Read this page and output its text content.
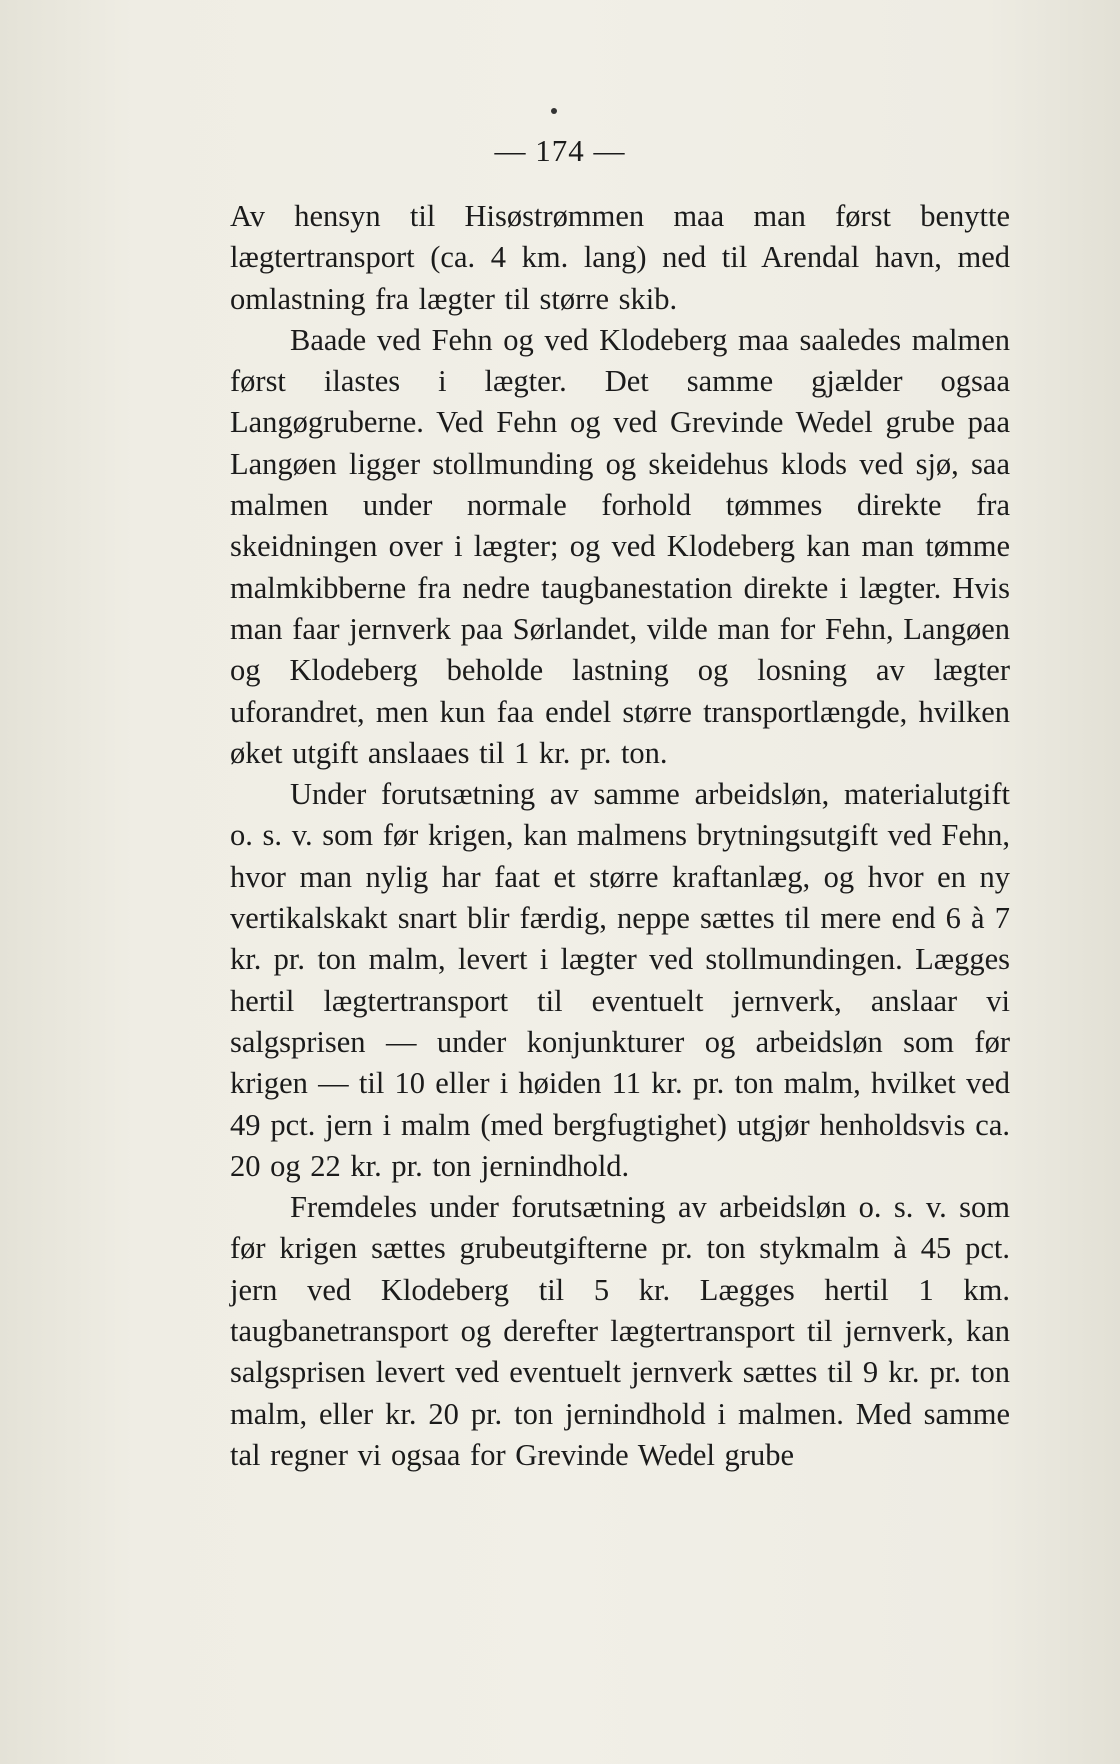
— 174 —

Av hensyn til Hisøstrømmen maa man først benytte lægtertransport (ca. 4 km. lang) ned til Arendal havn, med omlastning fra lægter til større skib.

Baade ved Fehn og ved Klodeberg maa saaledes malmen først ilastes i lægter. Det samme gjælder ogsaa Langøgruberne. Ved Fehn og ved Grevinde Wedel grube paa Langøen ligger stollmunding og skeidehus klods ved sjø, saa malmen under normale forhold tømmes direkte fra skeidningen over i lægter; og ved Klodeberg kan man tømme malmkibberne fra nedre taugbanestation direkte i lægter. Hvis man faar jernverk paa Sørlandet, vilde man for Fehn, Langøen og Klodeberg beholde lastning og losning av lægter uforandret, men kun faa endel større transportlængde, hvilken øket utgift anslaaes til 1 kr. pr. ton.

Under forutsætning av samme arbeidsløn, materialutgift o. s. v. som før krigen, kan malmens brytningsutgift ved Fehn, hvor man nylig har faat et større kraftanlæg, og hvor en ny vertikalskakt snart blir færdig, neppe sættes til mere end 6 à 7 kr. pr. ton malm, levert i lægter ved stollmundingen. Lægges hertil lægtertransport til eventuelt jernverk, anslaar vi salgsprisen — under konjunkturer og arbeidsløn som før krigen — til 10 eller i høiden 11 kr. pr. ton malm, hvilket ved 49 pct. jern i malm (med bergfugtighet) utgjør henholdsvis ca. 20 og 22 kr. pr. ton jernindhold.

Fremdeles under forutsætning av arbeidsløn o. s. v. som før krigen sættes grubeutgifterne pr. ton stykmalm à 45 pct. jern ved Klodeberg til 5 kr. Lægges hertil 1 km. taugbanetransport og derefter lægtertransport til jernverk, kan salgsprisen levert ved eventuelt jernverk sættes til 9 kr. pr. ton malm, eller kr. 20 pr. ton jernindhold i malmen. Med samme tal regner vi ogsaa for Grevinde Wedel grube
